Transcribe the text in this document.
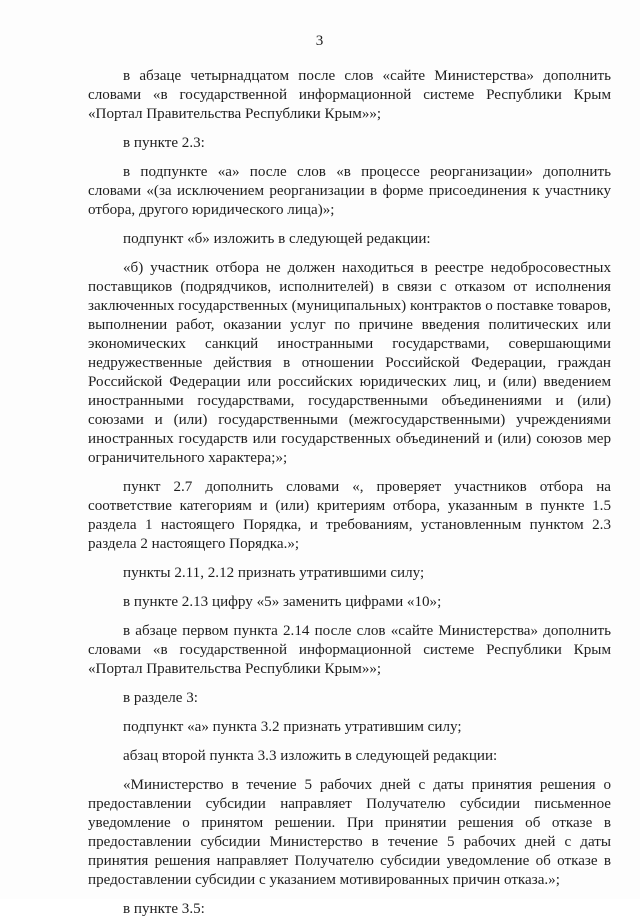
3

в абзаце четырнадцатом после слов «сайте Министерства» дополнить словами «в государственной информационной системе Республики Крым «Портал Правительства Республики Крым»»;

в пункте 2.3:

в подпункте «а» после слов «в процессе реорганизации» дополнить словами «(за исключением реорганизации в форме присоединения к участнику отбора, другого юридического лица)»;

подпункт «б» изложить в следующей редакции:

«б) участник отбора не должен находиться в реестре недобросовестных поставщиков (подрядчиков, исполнителей) в связи с отказом от исполнения заключенных государственных (муниципальных) контрактов о поставке товаров, выполнении работ, оказании услуг по причине введения политических или экономических санкций иностранными государствами, совершающими недружественные действия в отношении Российской Федерации, граждан Российской Федерации или российских юридических лиц, и (или) введением иностранными государствами, государственными объединениями и (или) союзами и (или) государственными (межгосударственными) учреждениями иностранных государств или государственных объединений и (или) союзов мер ограничительного характера;»;

пункт 2.7 дополнить словами «, проверяет участников отбора на соответствие категориям и (или) критериям отбора, указанным в пункте 1.5 раздела 1 настоящего Порядка, и требованиям, установленным пунктом 2.3 раздела 2 настоящего Порядка.»;

пункты 2.11, 2.12 признать утратившими силу;

в пункте 2.13 цифру «5» заменить цифрами «10»;

в абзаце первом пункта 2.14 после слов «сайте Министерства» дополнить словами «в государственной информационной системе Республики Крым «Портал Правительства Республики Крым»»;

в разделе 3:

подпункт «а» пункта 3.2 признать утратившим силу;

абзац второй пункта 3.3 изложить в следующей редакции:

«Министерство в течение 5 рабочих дней с даты принятия решения о предоставлении субсидии направляет Получателю субсидии письменное уведомление о принятом решении. При принятии решения об отказе в предоставлении субсидии Министерство в течение 5 рабочих дней с даты принятия решения направляет Получателю субсидии уведомление об отказе в предоставлении субсидии с указанием мотивированных причин отказа.»;

в пункте 3.5:
